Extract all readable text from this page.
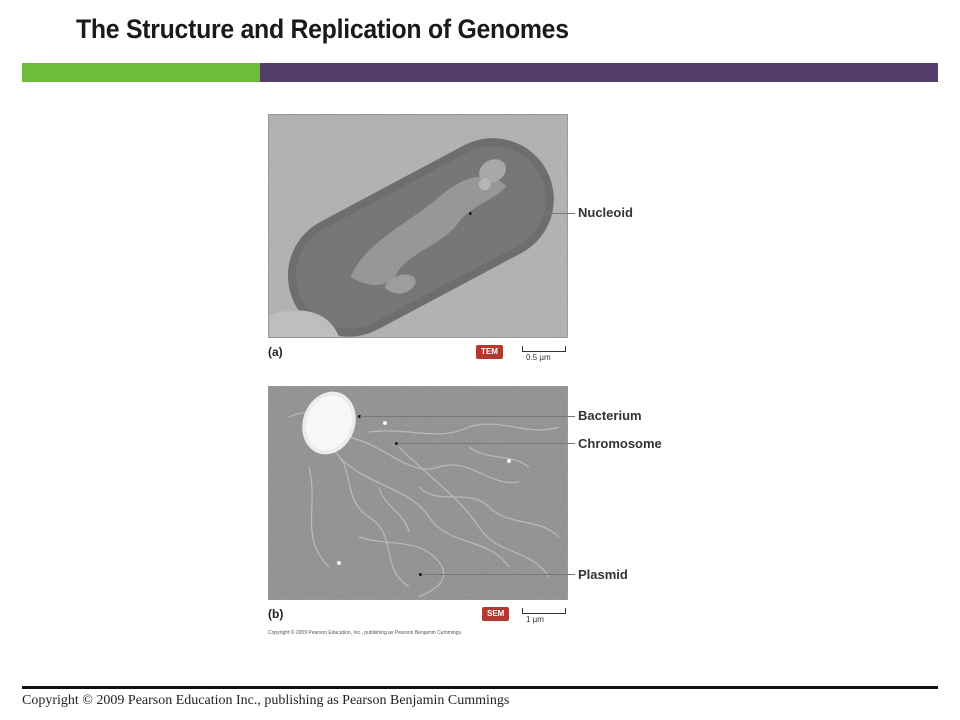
The Structure and Replication of Genomes
(a)	TEM
0.5 µm
Nucleoid
(b)	SEM
1 µm
Bacterium
Chromosome
Plasmid
Copyright © 2009 Pearson Education, Inc., publishing as Pearson Benjamin Cummings.
Copyright © 2009 Pearson Education Inc., publishing as Pearson Benjamin Cummings
